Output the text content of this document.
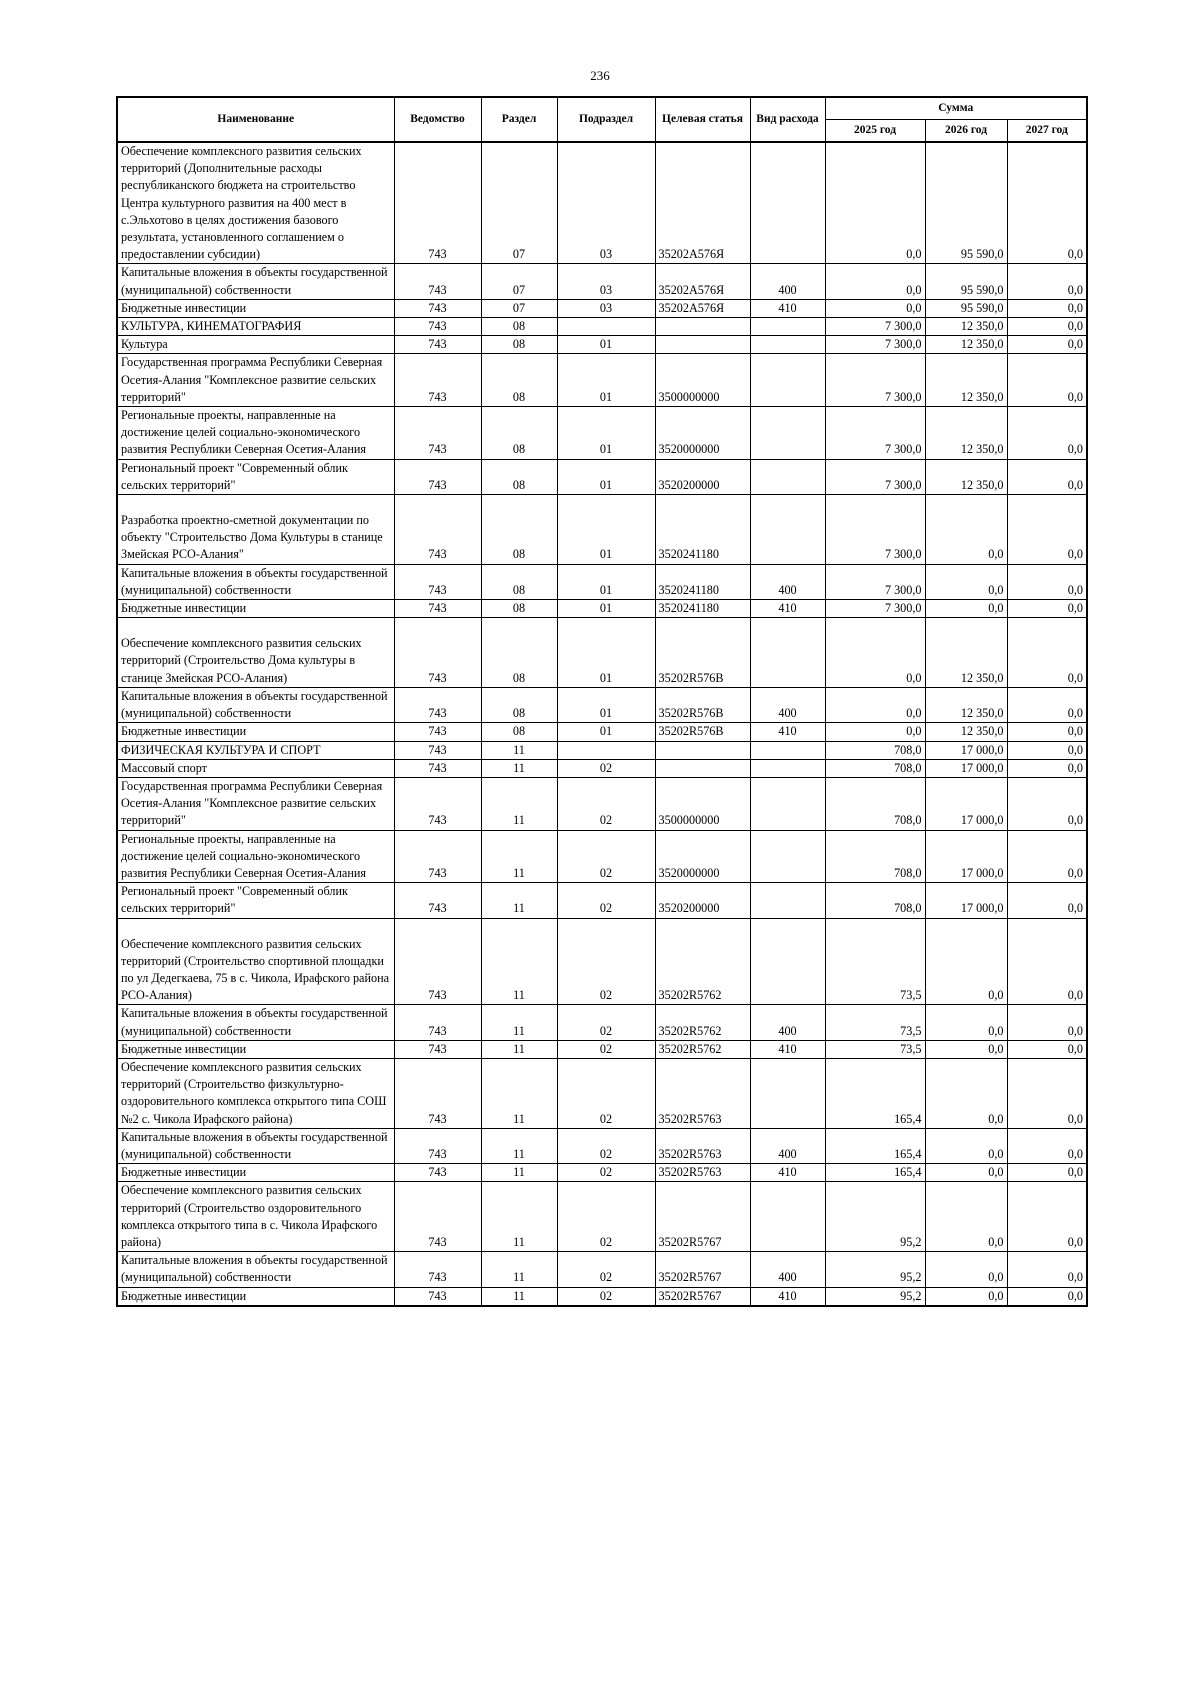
236
Наименование	Ведомство	Раздел	Подраздел	Целевая статья	Вид расхода	Сумма		
						2025 год	2026 год	2027 год
Обеспечение комплексного развития сельских территорий (Дополнительные расходы республиканского бюджета на строительство Центра культурного развития на 400 мест в с.Эльхотово в целях достижения базового результата, установленного соглашением о предоставлении субсидии)	743	07	03	35202А576Я		0,0	95 590,0	0,0
Капитальные вложения в объекты государственной (муниципальной) собственности	743	07	03	35202А576Я	400	0,0	95 590,0	0,0
Бюджетные инвестиции	743	07	03	35202А576Я	410	0,0	95 590,0	0,0
КУЛЬТУРА, КИНЕМАТОГРАФИЯ	743	08				7 300,0	12 350,0	0,0
Культура	743	08	01			7 300,0	12 350,0	0,0
Государственная программа Республики Северная Осетия-Алания "Комплексное развитие сельских территорий"	743	08	01	3500000000		7 300,0	12 350,0	0,0
Региональные проекты, направленные на достижение целей социально-экономического развития Республики Северная Осетия-Алания	743	08	01	3520000000		7 300,0	12 350,0	0,0
Региональный проект "Современный облик сельских территорий"	743	08	01	3520200000		7 300,0	12 350,0	0,0

Разработка проектно-сметной документации по объекту "Строительство Дома Культуры в станице Змейская РСО-Алания"	743	08	01	3520241180		7 300,0	0,0	0,0
Капитальные вложения в объекты государственной (муниципальной) собственности	743	08	01	3520241180	400	7 300,0	0,0	0,0
Бюджетные инвестиции	743	08	01	3520241180	410	7 300,0	0,0	0,0

Обеспечение комплексного развития сельских территорий (Строительство Дома культуры в станице Змейская РСО-Алания)	743	08	01	35202R576В		0,0	12 350,0	0,0
Капитальные вложения в объекты государственной (муниципальной) собственности	743	08	01	35202R576В	400	0,0	12 350,0	0,0
Бюджетные инвестиции	743	08	01	35202R576В	410	0,0	12 350,0	0,0
ФИЗИЧЕСКАЯ КУЛЬТУРА И СПОРТ	743	11				708,0	17 000,0	0,0
Массовый спорт	743	11	02			708,0	17 000,0	0,0
Государственная программа Республики Северная Осетия-Алания "Комплексное развитие сельских территорий"	743	11	02	3500000000		708,0	17 000,0	0,0
Региональные проекты, направленные на достижение целей социально-экономического развития Республики Северная Осетия-Алания	743	11	02	3520000000		708,0	17 000,0	0,0
Региональный проект "Современный облик сельских территорий"	743	11	02	3520200000		708,0	17 000,0	0,0

Обеспечение комплексного развития сельских территорий (Строительство спортивной площадки по ул Дедегкаева, 75 в с. Чикола, Ирафского района РСО-Алания)	743	11	02	35202R5762		73,5	0,0	0,0
Капитальные вложения в объекты государственной (муниципальной) собственности	743	11	02	35202R5762	400	73,5	0,0	0,0
Бюджетные инвестиции	743	11	02	35202R5762	410	73,5	0,0	0,0
Обеспечение комплексного развития сельских территорий (Строительство физкультурно-оздоровительного комплекса открытого типа СОШ №2 с. Чикола Ирафского района)	743	11	02	35202R5763		165,4	0,0	0,0
Капитальные вложения в объекты государственной (муниципальной) собственности	743	11	02	35202R5763	400	165,4	0,0	0,0
Бюджетные инвестиции	743	11	02	35202R5763	410	165,4	0,0	0,0
Обеспечение комплексного развития сельских территорий (Строительство оздоровительного комплекса открытого типа в с. Чикола Ирафского района)	743	11	02	35202R5767		95,2	0,0	0,0
Капитальные вложения в объекты государственной (муниципальной) собственности	743	11	02	35202R5767	400	95,2	0,0	0,0
Бюджетные инвестиции	743	11	02	35202R5767	410	95,2	0,0	0,0
